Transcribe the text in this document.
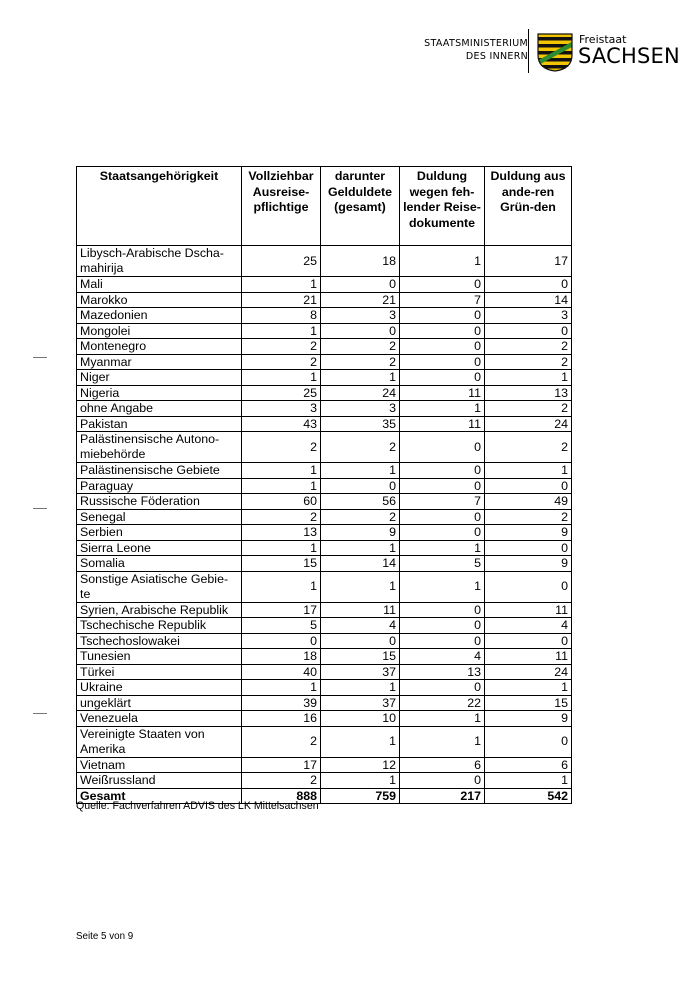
STAATSMINISTERIUM
DES INNERN
Freistaat
SACHSEN
Staatsangehörigkeit	Vollziehbar Ausreise-pflichtige	darunter Gelduldete (gesamt)	Duldung wegen feh-lender Reise-dokumente	Duldung aus ande-ren Grün-den
Libysch-Arabische Dscha-mahirija	25	18	1	17
Mali	1	0	0	0
Marokko	21	21	7	14
Mazedonien	8	3	0	3
Mongolei	1	0	0	0
Montenegro	2	2	0	2
Myanmar	2	2	0	2
Niger	1	1	0	1
Nigeria	25	24	11	13
ohne Angabe	3	3	1	2
Pakistan	43	35	11	24
Palästinensische Autono-miebehörde	2	2	0	2
Palästinensische Gebiete	1	1	0	1
Paraguay	1	0	0	0
Russische Föderation	60	56	7	49
Senegal	2	2	0	2
Serbien	13	9	0	9
Sierra Leone	1	1	1	0
Somalia	15	14	5	9
Sonstige Asiatische Gebie-te	1	1	1	0
Syrien, Arabische Republik	17	11	0	11
Tschechische Republik	5	4	0	4
Tschechoslowakei	0	0	0	0
Tunesien	18	15	4	11
Türkei	40	37	13	24
Ukraine	1	1	0	1
ungeklärt	39	37	22	15
Venezuela	16	10	1	9
Vereinigte Staaten von Amerika	2	1	1	0
Vietnam	17	12	6	6
Weißrussland	2	1	0	1
Gesamt	888	759	217	542
Quelle: Fachverfahren ADVIS des LK Mittelsachsen
Seite 5 von 9
